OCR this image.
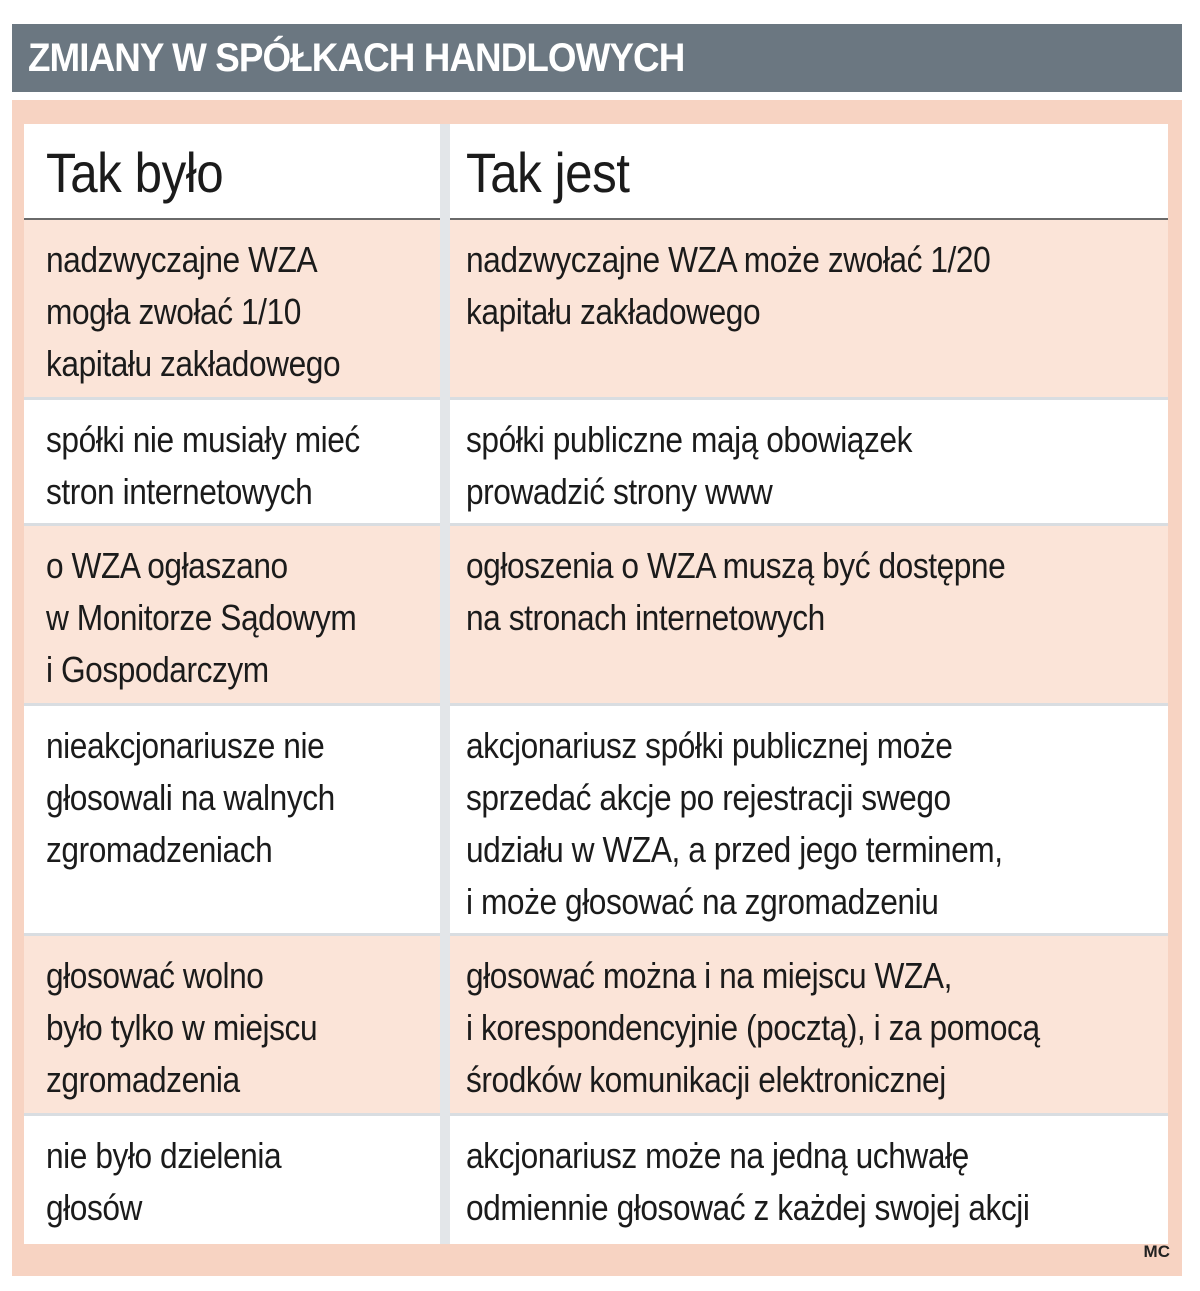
ZMIANY W SPÓŁKACH HANDLOWYCH
Tak było	Tak jest
nadzwyczajne WZA
mogła zwołać 1/10
kapitału zakładowego
nadzwyczajne WZA może zwołać 1/20
kapitału zakładowego
spółki nie musiały mieć
stron internetowych
spółki publiczne mają obowiązek
prowadzić strony www
o WZA ogłaszano
w Monitorze Sądowym
i Gospodarczym
ogłoszenia o WZA muszą być dostępne
na stronach internetowych
nieakcjonariusze nie
głosowali na walnych
zgromadzeniach
akcjonariusz spółki publicznej może
sprzedać akcje po rejestracji swego
udziału w WZA, a przed jego terminem,
i może głosować na zgromadzeniu
głosować wolno
było tylko w miejscu
zgromadzenia
głosować można i na miejscu WZA,
i korespondencyjnie (pocztą), i za pomocą
środków komunikacji elektronicznej
nie było dzielenia
głosów
akcjonariusz może na jedną uchwałę
odmiennie głosować z każdej swojej akcji
MC
